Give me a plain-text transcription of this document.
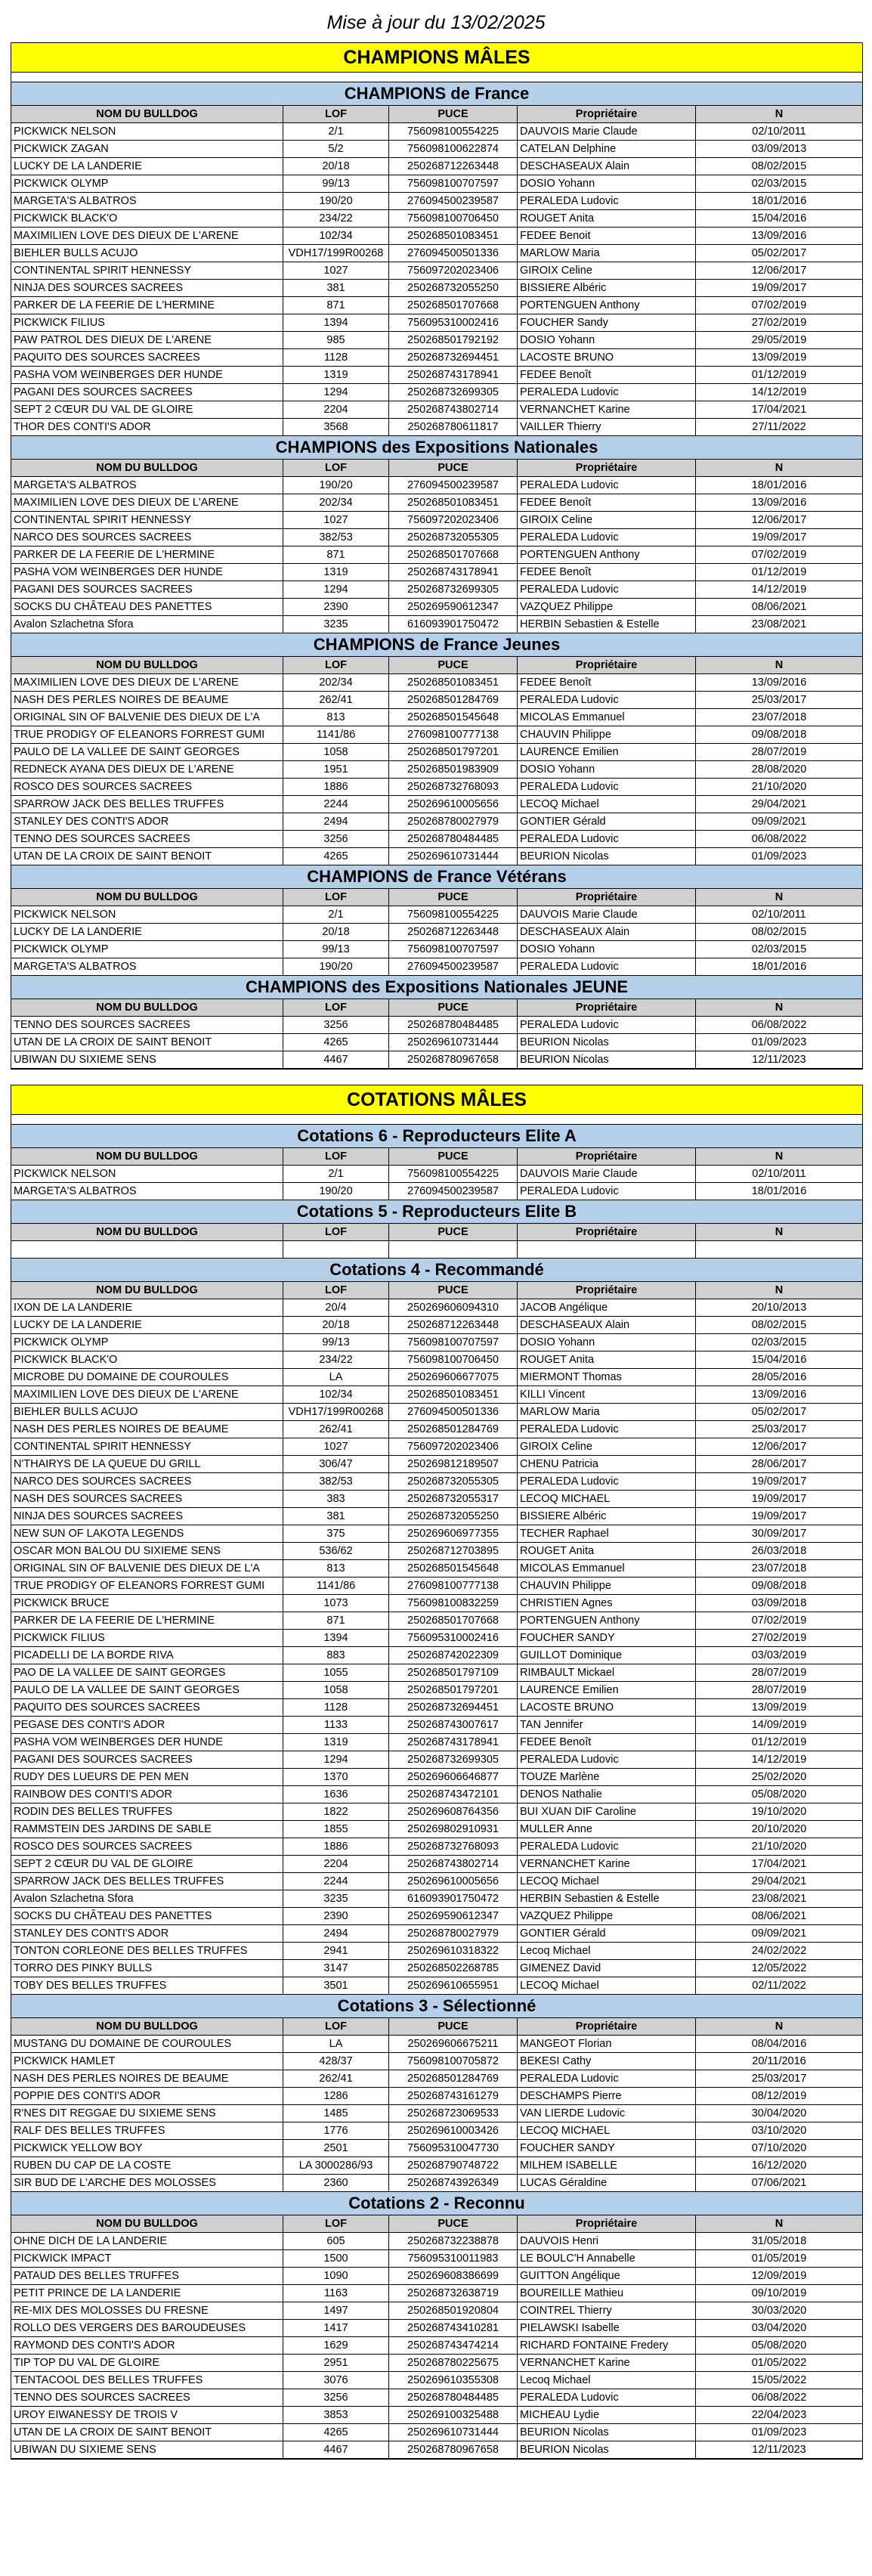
Mise à jour du 13/02/2025
CHAMPIONS MÂLES
CHAMPIONS de France
NOM DU BULLDOG	LOF	PUCE	Propriétaire	N
PICKWICK NELSON	2/1	756098100554225	DAUVOIS Marie Claude	02/10/2011
PICKWICK ZAGAN	5/2	756098100622874	CATELAN Delphine	03/09/2013
LUCKY DE LA LANDERIE	20/18	250268712263448	DESCHASEAUX Alain	08/02/2015
PICKWICK OLYMP	99/13	756098100707597	DOSIO Yohann	02/03/2015
MARGETA'S ALBATROS	190/20	276094500239587	PERALEDA Ludovic	18/01/2016
PICKWICK BLACK'O	234/22	756098100706450	ROUGET Anita	15/04/2016
MAXIMILIEN LOVE DES DIEUX DE L'ARENE	102/34	250268501083451	FEDEE Benoit	13/09/2016
BIEHLER BULLS ACUJO	VDH17/199R00268	276094500501336	MARLOW Maria	05/02/2017
CONTINENTAL SPIRIT HENNESSY	1027	756097202023406	GIROIX Celine	12/06/2017
NINJA DES SOURCES SACREES	381	250268732055250	BISSIERE Albéric	19/09/2017
PARKER DE LA FEERIE DE L'HERMINE	871	250268501707668	PORTENGUEN Anthony	07/02/2019
PICKWICK FILIUS	1394	756095310002416	FOUCHER Sandy	27/02/2019
PAW PATROL DES DIEUX DE L'ARENE	985	250268501792192	DOSIO Yohann	29/05/2019
PAQUITO DES SOURCES SACREES	1128	250268732694451	LACOSTE BRUNO	13/09/2019
PASHA VOM WEINBERGES DER HUNDE	1319	250268743178941	FEDEE Benoît	01/12/2019
PAGANI DES SOURCES SACREES	1294	250268732699305	PERALEDA Ludovic	14/12/2019
SEPT 2 CŒUR DU VAL DE GLOIRE	2204	250268743802714	VERNANCHET Karine	17/04/2021
THOR DES CONTI'S ADOR	3568	250268780611817	VAILLER Thierry	27/11/2022
CHAMPIONS des Expositions Nationales
NOM DU BULLDOG	LOF	PUCE	Propriétaire	N
MARGETA'S ALBATROS	190/20	276094500239587	PERALEDA Ludovic	18/01/2016
MAXIMILIEN LOVE DES DIEUX DE L'ARENE	202/34	250268501083451	FEDEE Benoît	13/09/2016
CONTINENTAL SPIRIT HENNESSY	1027	756097202023406	GIROIX Celine	12/06/2017
NARCO DES SOURCES SACREES	382/53	250268732055305	PERALEDA Ludovic	19/09/2017
PARKER DE LA FEERIE DE L'HERMINE	871	250268501707668	PORTENGUEN Anthony	07/02/2019
PASHA VOM WEINBERGES DER HUNDE	1319	250268743178941	FEDEE Benoît	01/12/2019
PAGANI DES SOURCES SACREES	1294	250268732699305	PERALEDA Ludovic	14/12/2019
SOCKS DU CHÂTEAU DES PANETTES	2390	250269590612347	VAZQUEZ Philippe	08/06/2021
Avalon Szlachetna Sfora	3235	616093901750472	HERBIN Sebastien & Estelle	23/08/2021
CHAMPIONS de France Jeunes
NOM DU BULLDOG	LOF	PUCE	Propriétaire	N
MAXIMILIEN LOVE DES DIEUX DE L'ARENE	202/34	250268501083451	FEDEE Benoît	13/09/2016
NASH DES PERLES NOIRES DE BEAUME	262/41	250268501284769	PERALEDA Ludovic	25/03/2017
ORIGINAL SIN OF BALVENIE DES DIEUX DE L'A	813	250268501545648	MICOLAS Emmanuel	23/07/2018
TRUE PRODIGY OF ELEANORS FORREST GUMI	1141/86	276098100777138	CHAUVIN Philippe	09/08/2018
PAULO DE LA VALLEE DE SAINT GEORGES	1058	250268501797201	LAURENCE Emilien	28/07/2019
REDNECK AYANA DES DIEUX DE L'ARENE	1951	250268501983909	DOSIO Yohann	28/08/2020
ROSCO DES SOURCES SACREES	1886	250268732768093	PERALEDA Ludovic	21/10/2020
SPARROW JACK DES BELLES TRUFFES	2244	250269610005656	LECOQ Michael	29/04/2021
STANLEY DES CONTI'S ADOR	2494	250268780027979	GONTIER Gérald	09/09/2021
TENNO DES SOURCES SACREES	3256	250268780484485	PERALEDA Ludovic	06/08/2022
UTAN DE LA CROIX DE SAINT BENOIT	4265	250269610731444	BEURION Nicolas	01/09/2023
CHAMPIONS de France Vétérans
NOM DU BULLDOG	LOF	PUCE	Propriétaire	N
PICKWICK NELSON	2/1	756098100554225	DAUVOIS Marie Claude	02/10/2011
LUCKY DE LA LANDERIE	20/18	250268712263448	DESCHASEAUX Alain	08/02/2015
PICKWICK OLYMP	99/13	756098100707597	DOSIO Yohann	02/03/2015
MARGETA'S ALBATROS	190/20	276094500239587	PERALEDA Ludovic	18/01/2016
CHAMPIONS des Expositions Nationales JEUNE
NOM DU BULLDOG	LOF	PUCE	Propriétaire	N
TENNO DES SOURCES SACREES	3256	250268780484485	PERALEDA Ludovic	06/08/2022
UTAN DE LA CROIX DE SAINT BENOIT	4265	250269610731444	BEURION Nicolas	01/09/2023
UBIWAN DU SIXIEME SENS	4467	250268780967658	BEURION Nicolas	12/11/2023
COTATIONS MÂLES
Cotations 6 - Reproducteurs Elite A
NOM DU BULLDOG	LOF	PUCE	Propriétaire	N
PICKWICK NELSON	2/1	756098100554225	DAUVOIS Marie Claude	02/10/2011
MARGETA'S ALBATROS	190/20	276094500239587	PERALEDA Ludovic	18/01/2016
Cotations 5 - Reproducteurs Elite B
NOM DU BULLDOG	LOF	PUCE	Propriétaire	N
Cotations 4 - Recommandé
NOM DU BULLDOG	LOF	PUCE	Propriétaire	N
IXON DE LA LANDERIE	20/4	250269606094310	JACOB Angélique	20/10/2013
LUCKY DE LA LANDERIE	20/18	250268712263448	DESCHASEAUX Alain	08/02/2015
PICKWICK OLYMP	99/13	756098100707597	DOSIO Yohann	02/03/2015
PICKWICK BLACK'O	234/22	756098100706450	ROUGET Anita	15/04/2016
MICROBE DU DOMAINE DE COUROULES	LA	250269606677075	MIERMONT Thomas	28/05/2016
MAXIMILIEN LOVE DES DIEUX DE L'ARENE	102/34	250268501083451	KILLI Vincent	13/09/2016
BIEHLER BULLS ACUJO	VDH17/199R00268	276094500501336	MARLOW Maria	05/02/2017
NASH DES PERLES NOIRES DE BEAUME	262/41	250268501284769	PERALEDA Ludovic	25/03/2017
CONTINENTAL SPIRIT HENNESSY	1027	756097202023406	GIROIX Celine	12/06/2017
N'THAIRYS DE LA QUEUE DU GRILL	306/47	250269812189507	CHENU Patricia	28/06/2017
NARCO DES SOURCES SACREES	382/53	250268732055305	PERALEDA Ludovic	19/09/2017
NASH DES SOURCES SACREES	383	250268732055317	LECOQ MICHAEL	19/09/2017
NINJA DES SOURCES SACREES	381	250268732055250	BISSIERE Albéric	19/09/2017
NEW SUN OF LAKOTA LEGENDS	375	250269606977355	TECHER Raphael	30/09/2017
OSCAR MON BALOU DU SIXIEME SENS	536/62	250268712703895	ROUGET Anita	26/03/2018
ORIGINAL SIN OF BALVENIE DES DIEUX DE L'A	813	250268501545648	MICOLAS Emmanuel	23/07/2018
TRUE PRODIGY OF ELEANORS FORREST GUMI	1141/86	276098100777138	CHAUVIN Philippe	09/08/2018
PICKWICK BRUCE	1073	756098100832259	CHRISTIEN Agnes	03/09/2018
PARKER DE LA FEERIE DE L'HERMINE	871	250268501707668	PORTENGUEN Anthony	07/02/2019
PICKWICK FILIUS	1394	756095310002416	FOUCHER SANDY	27/02/2019
PICADELLI DE LA BORDE RIVA	883	250268742022309	GUILLOT Dominique	03/03/2019
PAO DE LA VALLEE DE SAINT GEORGES	1055	250268501797109	RIMBAULT Mickael	28/07/2019
PAULO DE LA VALLEE DE SAINT GEORGES	1058	250268501797201	LAURENCE Emilien	28/07/2019
PAQUITO DES SOURCES SACREES	1128	250268732694451	LACOSTE BRUNO	13/09/2019
PEGASE DES CONTI'S ADOR	1133	250268743007617	TAN Jennifer	14/09/2019
PASHA VOM WEINBERGES DER HUNDE	1319	250268743178941	FEDEE Benoît	01/12/2019
PAGANI DES SOURCES SACREES	1294	250268732699305	PERALEDA Ludovic	14/12/2019
RUDY DES LUEURS DE PEN MEN	1370	250269606646877	TOUZE Marlène	25/02/2020
RAINBOW DES CONTI'S ADOR	1636	250268743472101	DENOS Nathalie	05/08/2020
RODIN DES BELLES TRUFFES	1822	250269608764356	BUI XUAN DIF Caroline	19/10/2020
RAMMSTEIN DES JARDINS DE SABLE	1855	250269802910931	MULLER Anne	20/10/2020
ROSCO DES SOURCES SACREES	1886	250268732768093	PERALEDA Ludovic	21/10/2020
SEPT 2 CŒUR DU VAL DE GLOIRE	2204	250268743802714	VERNANCHET Karine	17/04/2021
SPARROW JACK DES BELLES TRUFFES	2244	250269610005656	LECOQ Michael	29/04/2021
Avalon Szlachetna Sfora	3235	616093901750472	HERBIN Sebastien & Estelle	23/08/2021
SOCKS DU CHÂTEAU DES PANETTES	2390	250269590612347	VAZQUEZ Philippe	08/06/2021
STANLEY DES CONTI'S ADOR	2494	250268780027979	GONTIER Gérald	09/09/2021
TONTON CORLEONE DES BELLES TRUFFES	2941	250269610318322	Lecoq Michael	24/02/2022
TORRO DES PINKY BULLS	3147	250268502268785	GIMENEZ David	12/05/2022
TOBY DES BELLES TRUFFES	3501	250269610655951	LECOQ Michael	02/11/2022
Cotations 3 - Sélectionné
NOM DU BULLDOG	LOF	PUCE	Propriétaire	N
MUSTANG DU DOMAINE DE COUROULES	LA	250269606675211	MANGEOT Florian	08/04/2016
PICKWICK HAMLET	428/37	756098100705872	BEKESI Cathy	20/11/2016
NASH DES PERLES NOIRES DE BEAUME	262/41	250268501284769	PERALEDA Ludovic	25/03/2017
POPPIE DES CONTI'S ADOR	1286	250268743161279	DESCHAMPS Pierre	08/12/2019
R'NES DIT REGGAE DU SIXIEME SENS	1485	250268723069533	VAN LIERDE Ludovic	30/04/2020
RALF DES BELLES TRUFFES	1776	250269610003426	LECOQ MICHAEL	03/10/2020
PICKWICK YELLOW BOY	2501	756095310047730	FOUCHER SANDY	07/10/2020
RUBEN DU CAP DE LA COSTE	LA 3000286/93	250268790748722	MILHEM ISABELLE	16/12/2020
SIR BUD DE L'ARCHE DES MOLOSSES	2360	250268743926349	LUCAS Géraldine	07/06/2021
Cotations 2 - Reconnu
NOM DU BULLDOG	LOF	PUCE	Propriétaire	N
OHNE DICH DE LA LANDERIE	605	250268732238878	DAUVOIS Henri	31/05/2018
PICKWICK IMPACT	1500	756095310011983	LE BOULC'H Annabelle	01/05/2019
PATAUD DES BELLES TRUFFES	1090	250269608386699	GUITTON Angélique	12/09/2019
PETIT PRINCE DE LA LANDERIE	1163	250268732638719	BOUREILLE Mathieu	09/10/2019
RE-MIX DES MOLOSSES DU FRESNE	1497	250268501920804	COINTREL Thierry	30/03/2020
ROLLO DES VERGERS DES BAROUDEUSES	1417	250268743410281	PIELAWSKI Isabelle	03/04/2020
RAYMOND DES CONTI'S ADOR	1629	250268743474214	RICHARD FONTAINE Fredery	05/08/2020
TIP TOP DU VAL DE GLOIRE	2951	250268780225675	VERNANCHET Karine	01/05/2022
TENTACOOL DES BELLES TRUFFES	3076	250269610355308	Lecoq Michael	15/05/2022
TENNO DES SOURCES SACREES	3256	250268780484485	PERALEDA Ludovic	06/08/2022
UROY EIWANESSY DE TROIS V	3853	250269100325488	MICHEAU Lydie	22/04/2023
UTAN DE LA CROIX DE SAINT BENOIT	4265	250269610731444	BEURION Nicolas	01/09/2023
UBIWAN DU SIXIEME SENS	4467	250268780967658	BEURION Nicolas	12/11/2023
